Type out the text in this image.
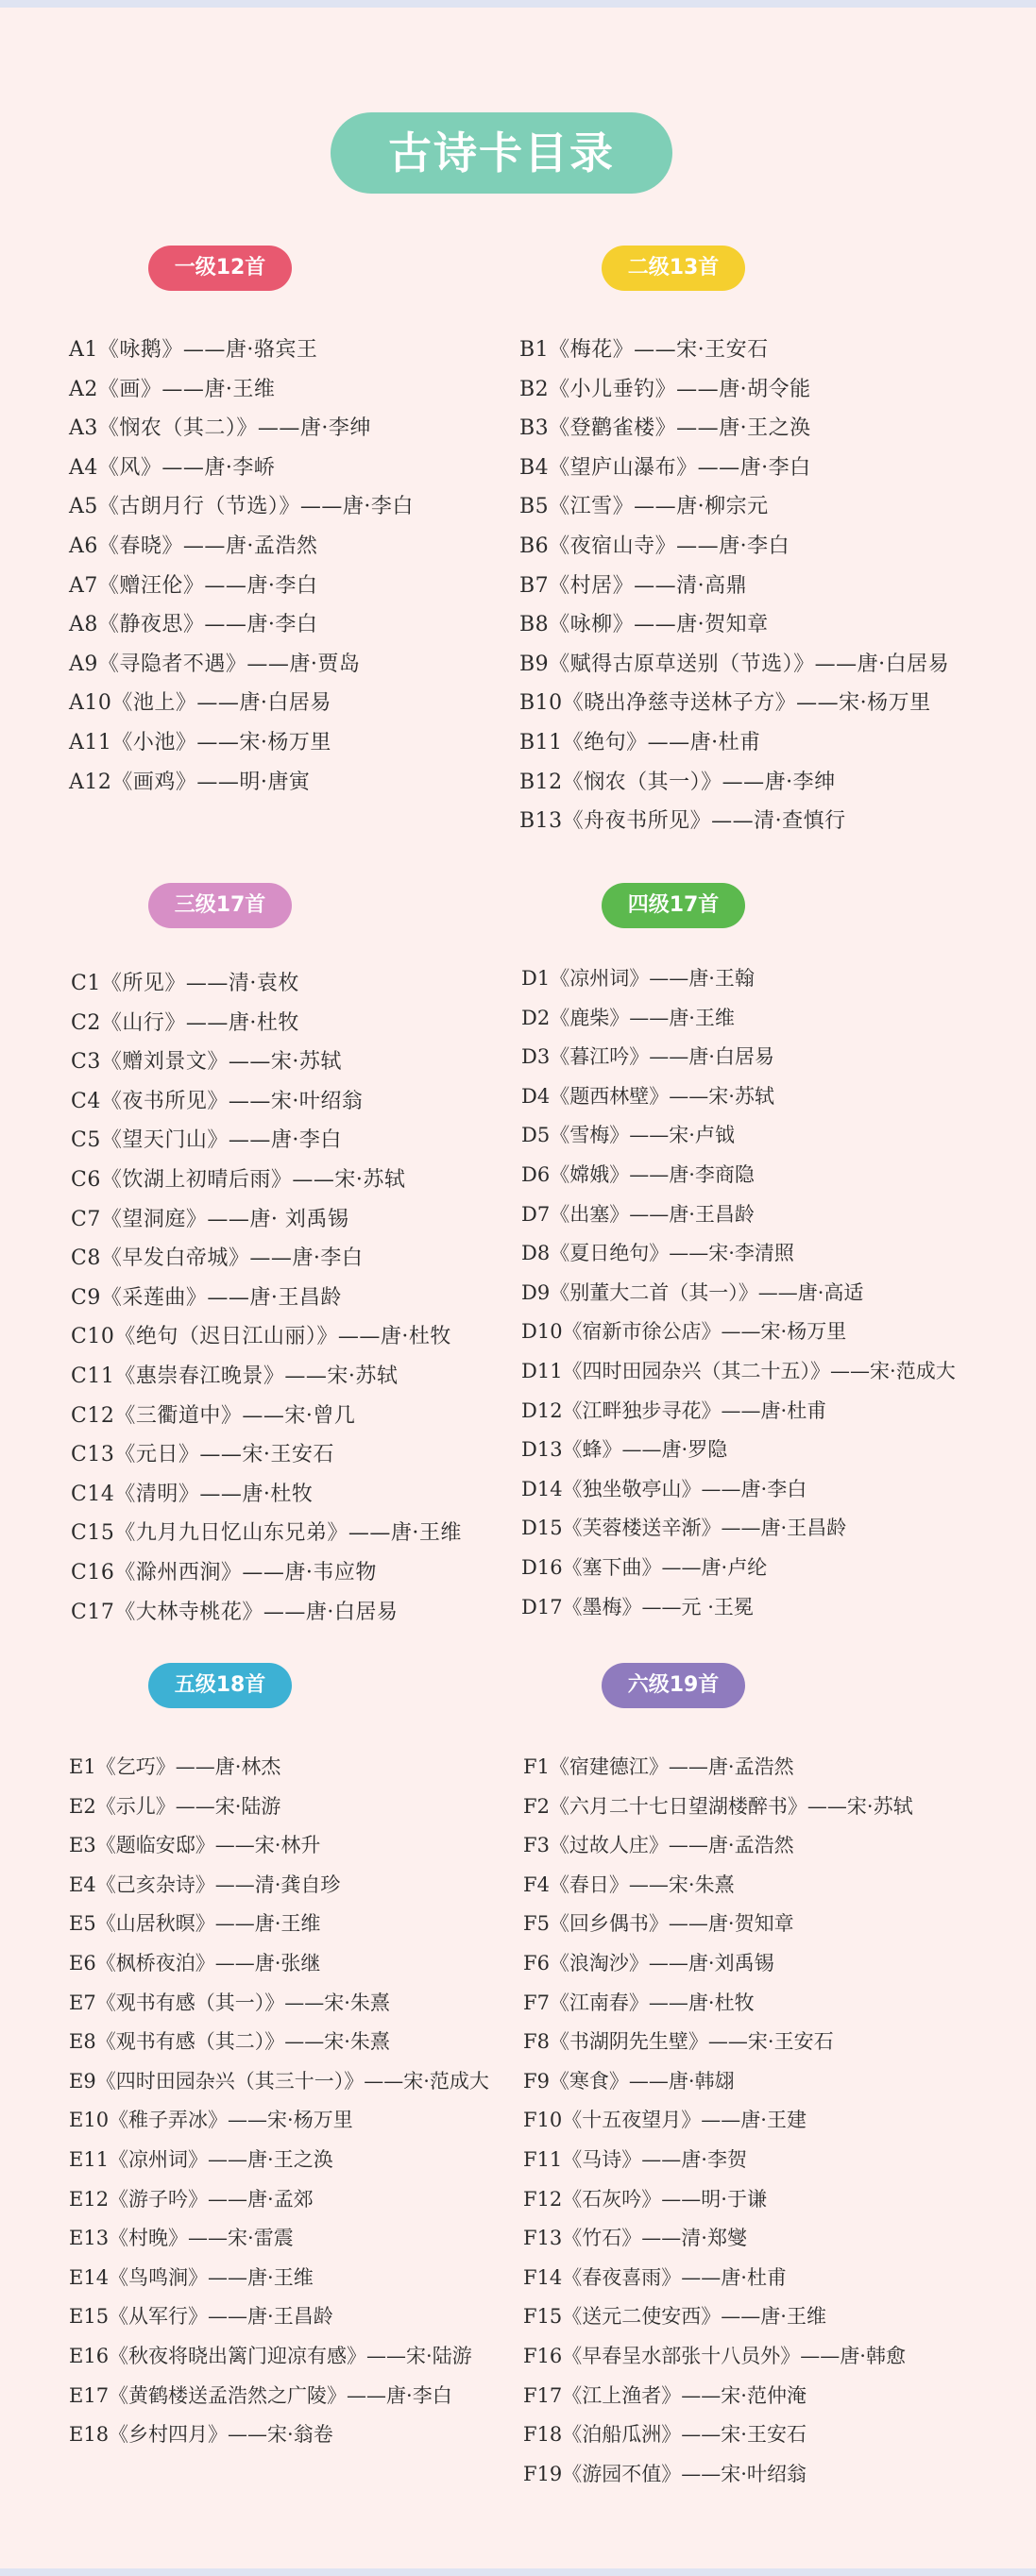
古诗卡目录
一级12首
A1《咏鹅》——唐·骆宾王
A2《画》——唐·王维
A3《悯农（其二）》——唐·李绅
A4《风》——唐·李峤
A5《古朗月行（节选）》——唐·李白
A6《春晓》——唐·孟浩然
A7《赠汪伦》——唐·李白
A8《静夜思》——唐·李白
A9《寻隐者不遇》——唐·贾岛
A10《池上》——唐·白居易
A11《小池》——宋·杨万里
A12《画鸡》——明·唐寅
二级13首
B1《梅花》——宋·王安石
B2《小儿垂钓》——唐·胡令能
B3《登鹳雀楼》——唐·王之涣
B4《望庐山瀑布》——唐·李白
B5《江雪》——唐·柳宗元
B6《夜宿山寺》——唐·李白
B7《村居》——清·高鼎
B8《咏柳》——唐·贺知章
B9《赋得古原草送别（节选）》——唐·白居易
B10《晓出净慈寺送林子方》——宋·杨万里
B11《绝句》——唐·杜甫
B12《悯农（其一）》——唐·李绅
B13《舟夜书所见》——清·查慎行
三级17首
C1《所见》——清·袁枚
C2《山行》——唐·杜牧
C3《赠刘景文》——宋·苏轼
C4《夜书所见》——宋·叶绍翁
C5《望天门山》——唐·李白
C6《饮湖上初晴后雨》——宋·苏轼
C7《望洞庭》——唐· 刘禹锡
C8《早发白帝城》——唐·李白
C9《采莲曲》——唐·王昌龄
C10《绝句（迟日江山丽）》——唐·杜牧
C11《惠崇春江晚景》——宋·苏轼
C12《三衢道中》——宋·曾几
C13《元日》——宋·王安石
C14《清明》——唐·杜牧
C15《九月九日忆山东兄弟》——唐·王维
C16《滁州西涧》——唐·韦应物
C17《大林寺桃花》——唐·白居易
四级17首
D1《凉州词》——唐·王翰
D2《鹿柴》——唐·王维
D3《暮江吟》——唐·白居易
D4《题西林壁》——宋·苏轼
D5《雪梅》——宋·卢钺
D6《嫦娥》——唐·李商隐
D7《出塞》——唐·王昌龄
D8《夏日绝句》——宋·李清照
D9《别董大二首（其一）》——唐·高适
D10《宿新市徐公店》——宋·杨万里
D11《四时田园杂兴（其二十五）》——宋·范成大
D12《江畔独步寻花》——唐·杜甫
D13《蜂》——唐·罗隐
D14《独坐敬亭山》——唐·李白
D15《芙蓉楼送辛渐》——唐·王昌龄
D16《塞下曲》——唐·卢纶
D17《墨梅》——元 ·王冕
五级18首
E1《乞巧》——唐·林杰
E2《示儿》——宋·陆游
E3《题临安邸》——宋·林升
E4《己亥杂诗》——清·龚自珍
E5《山居秋暝》——唐·王维
E6《枫桥夜泊》——唐·张继
E7《观书有感（其一）》——宋·朱熹
E8《观书有感（其二）》——宋·朱熹
E9《四时田园杂兴（其三十一）》——宋·范成大
E10《稚子弄冰》——宋·杨万里
E11《凉州词》——唐·王之涣
E12《游子吟》——唐·孟郊
E13《村晚》——宋·雷震
E14《鸟鸣涧》——唐·王维
E15《从军行》——唐·王昌龄
E16《秋夜将晓出篱门迎凉有感》——宋·陆游
E17《黄鹤楼送孟浩然之广陵》——唐·李白
E18《乡村四月》——宋·翁卷
六级19首
F1《宿建德江》——唐·孟浩然
F2《六月二十七日望湖楼醉书》——宋·苏轼
F3《过故人庄》——唐·孟浩然
F4《春日》——宋·朱熹
F5《回乡偶书》——唐·贺知章
F6《浪淘沙》——唐·刘禹锡
F7《江南春》——唐·杜牧
F8《书湖阴先生壁》——宋·王安石
F9《寒食》——唐·韩翃
F10《十五夜望月》——唐·王建
F11《马诗》——唐·李贺
F12《石灰吟》——明·于谦
F13《竹石》——清·郑燮
F14《春夜喜雨》——唐·杜甫
F15《送元二使安西》——唐·王维
F16《早春呈水部张十八员外》——唐·韩愈
F17《江上渔者》——宋·范仲淹
F18《泊船瓜洲》——宋·王安石
F19《游园不值》——宋·叶绍翁
